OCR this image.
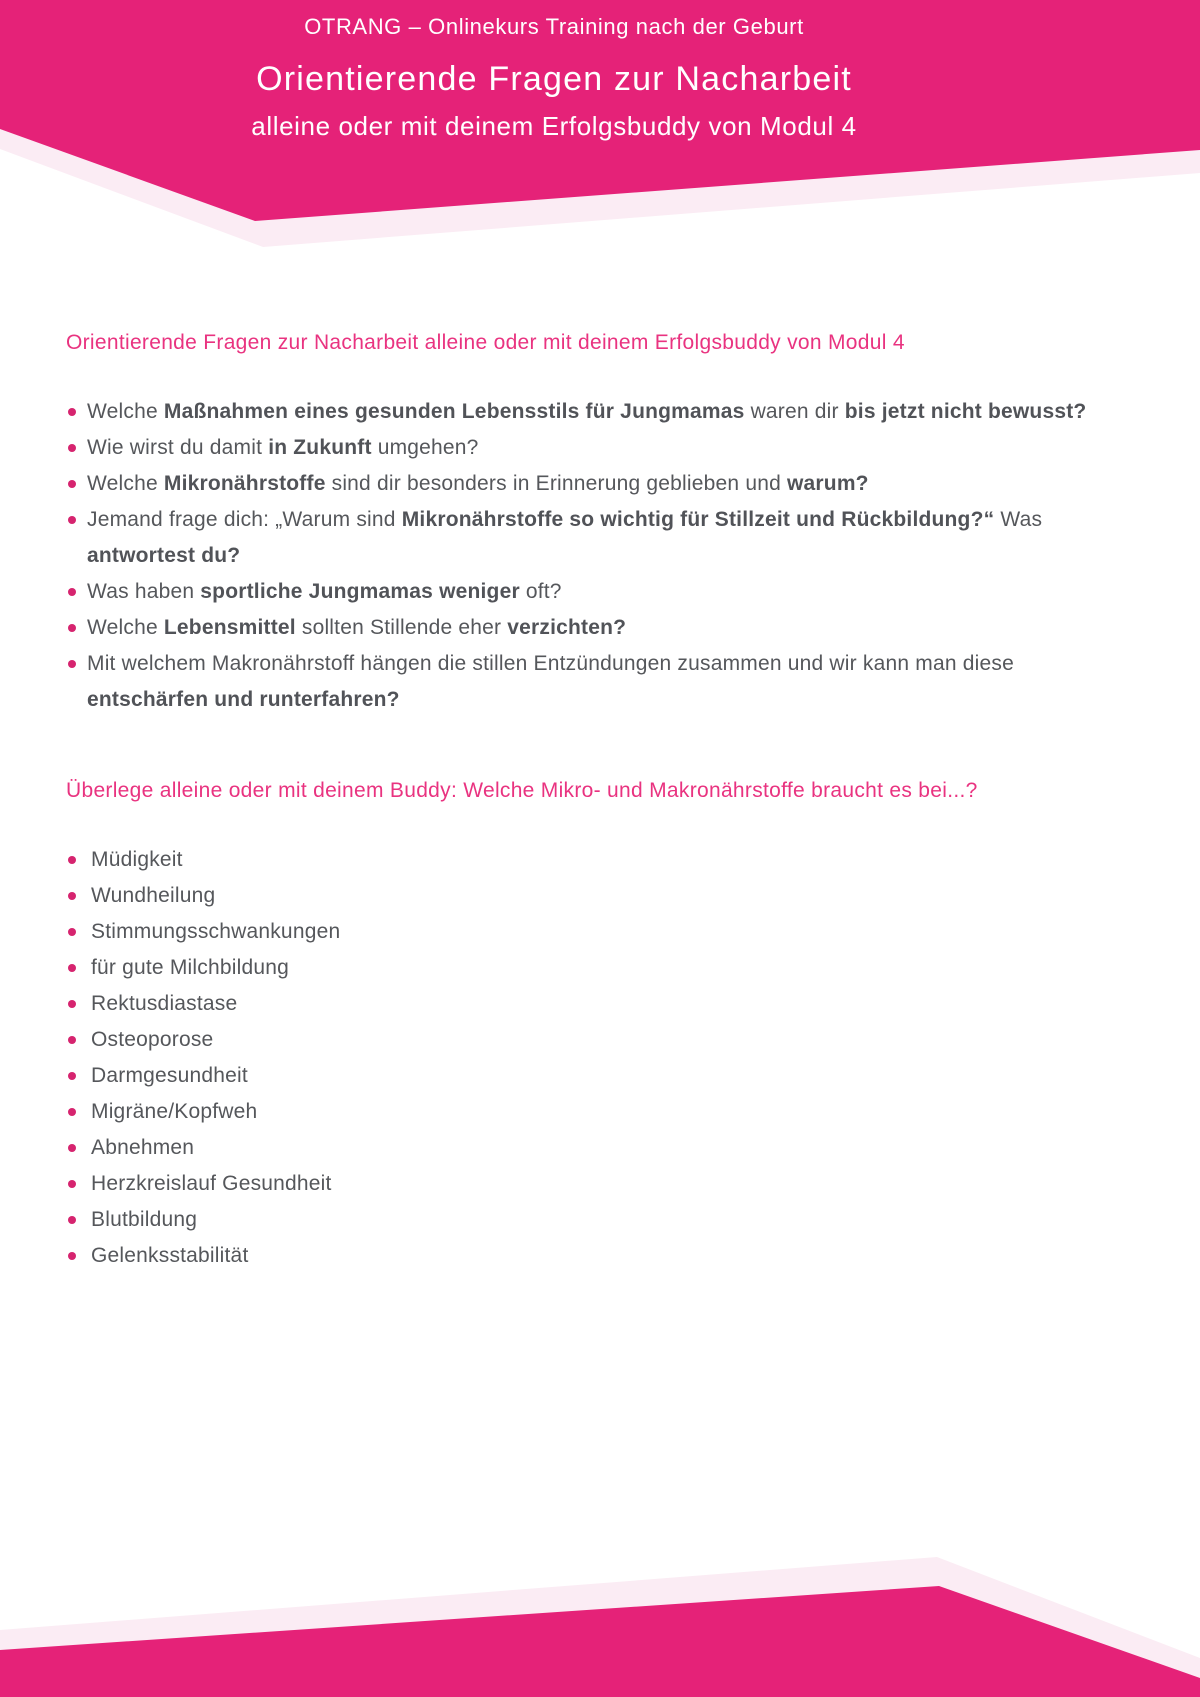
OTRANG – Onlinekurs Training nach der Geburt
Orientierende Fragen zur Nacharbeit
alleine oder mit deinem Erfolgsbuddy von Modul 4
Orientierende Fragen zur Nacharbeit alleine oder mit deinem Erfolgsbuddy von Modul 4
Welche Maßnahmen eines gesunden Lebensstils für Jungmamas waren dir bis jetzt nicht bewusst?
Wie wirst du damit in Zukunft umgehen?
Welche Mikronährstoffe sind dir besonders in Erinnerung geblieben und warum?
Jemand frage dich: „Warum sind Mikronährstoffe so wichtig für Stillzeit und Rückbildung?“ Was antwortest du?
Was haben sportliche Jungmamas weniger oft?
Welche Lebensmittel sollten Stillende eher verzichten?
Mit welchem Makronährstoff hängen die stillen Entzündungen zusammen und wir kann man diese entschärfen und runterfahren?
Überlege alleine oder mit deinem Buddy: Welche Mikro- und Makronährstoffe braucht es bei...?
Müdigkeit
Wundheilung
Stimmungsschwankungen
für gute Milchbildung
Rektusdiastase
Osteoporose
Darmgesundheit
Migräne/Kopfweh
Abnehmen
Herzkreislauf Gesundheit
Blutbildung
Gelenksstabilität
